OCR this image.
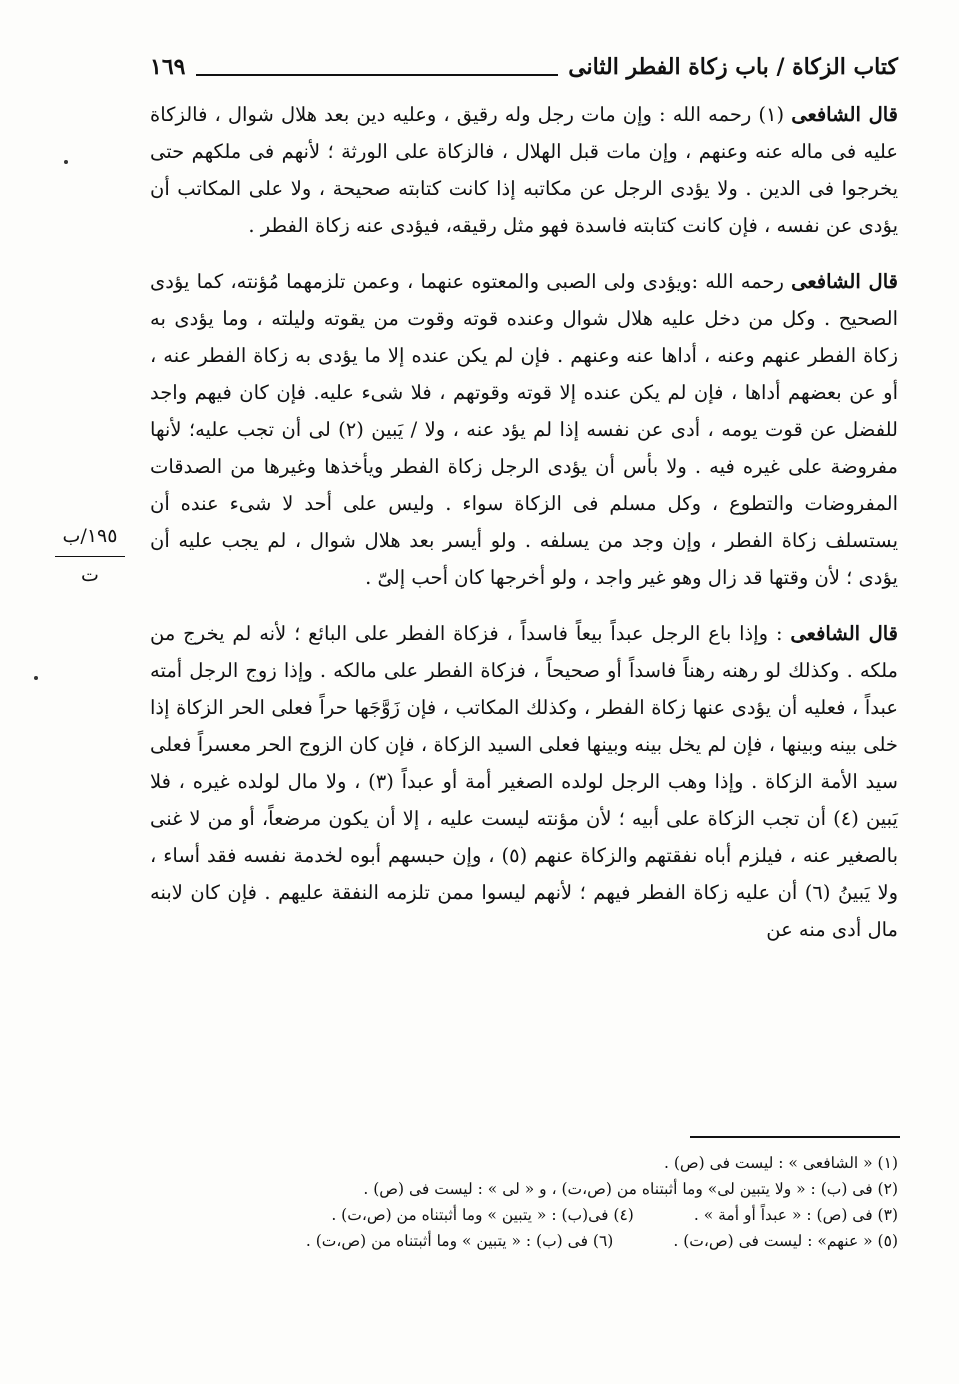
كتاب الزكاة / باب زكاة الفطر الثانى
١٦٩
١٩٥/ب
ت

قال الشافعى (١) رحمه الله : وإن مات رجل وله رقيق ، وعليه دين بعد هلال شوال ، فالزكاة عليه فى ماله عنه وعنهم ، وإن مات قبل الهلال ، فالزكاة على الورثة ؛ لأنهم فى ملكهم حتى يخرجوا فى الدين . ولا يؤدى الرجل عن مكاتبه إذا كانت كتابته صحيحة ، ولا على المكاتب أن يؤدى عن نفسه ، فإن كانت كتابته فاسدة فهو مثل رقيقه، فيؤدى عنه زكاة الفطر .

قال الشافعى رحمه الله :ويؤدى ولى الصبى والمعتوه عنهما ، وعمن تلزمهما مُؤنته، كما يؤدى الصحيح . وكل من دخل عليه هلال شوال وعنده قوته وقوت من يقوته وليلته ، وما يؤدى به زكاة الفطر عنهم وعنه ، أداها عنه وعنهم . فإن لم يكن عنده إلا ما يؤدى به زكاة الفطر عنه ، أو عن بعضهم أداها ، فإن لم يكن عنده إلا قوته وقوتهم ، فلا شىء عليه. فإن كان فيهم واجد للفضل عن قوت يومه ، أدى عن نفسه إذا لم يؤد عنه ، ولا / يَبين (٢) لى أن تجب عليه؛ لأنها مفروضة على غيره فيه . ولا بأس أن يؤدى الرجل زكاة الفطر ويأخذها وغيرها من الصدقات المفروضات والتطوع ، وكل مسلم فى الزكاة سواء . وليس على أحد لا شىء عنده أن يستسلف زكاة الفطر ، وإن وجد من يسلفه . ولو أيسر بعد هلال شوال ، لم يجب عليه أن يؤدى ؛ لأن وقتها قد زال وهو غير واجد ، ولو أخرجها كان أحب إلىّ .

قال الشافعى : وإذا باع الرجل عبداً بيعاً فاسداً ، فزكاة الفطر على البائع ؛ لأنه لم يخرج من ملكه . وكذلك لو رهنه رهناً فاسداً أو صحيحاً ، فزكاة الفطر على مالكه . وإذا زوج الرجل أمته عبداً ، فعليه أن يؤدى عنها زكاة الفطر ، وكذلك المكاتب ، فإن زَوَّجَها حراً فعلى الحر الزكاة إذا خلى بينه وبينها ، فإن لم يخل بينه وبينها فعلى السيد الزكاة ، فإن كان الزوج الحر معسراً فعلى سيد الأمة الزكاة . وإذا وهب الرجل لولده الصغير أمة أو عبداً (٣) ، ولا مال لولده غيره ، فلا يَبين (٤) أن تجب الزكاة على أبيه ؛ لأن مؤنته ليست عليه ، إلا أن يكون مرضعاً، أو من لا غنى بالصغير عنه ، فيلزم أباه نفقتهم والزكاة عنهم (٥) ، وإن حبسهم أبوه لخدمة نفسه فقد أساء ، ولا يَبينُ (٦) أن عليه زكاة الفطر فيهم ؛ لأنهم ليسوا ممن تلزمه النفقة عليهم . فإن كان لابنه مال أدى منه عن

(١) « الشافعى » : ليست فى (ص) .
(٢) فى (ب) : « ولا يتبين لى» وما أثبتناه من (ص،ت) ، و « لى » : ليست فى (ص) .
(٣) فى (ص) : « عبداً أو أمة » .
(٤) فى(ب) : « يتبين » وما أثبتناه من (ص،ت) .
(٥) « عنهم» : ليست فى (ص،ت) .
(٦) فى (ب) : « يتبين » وما أثبتناه من (ص،ت) .
